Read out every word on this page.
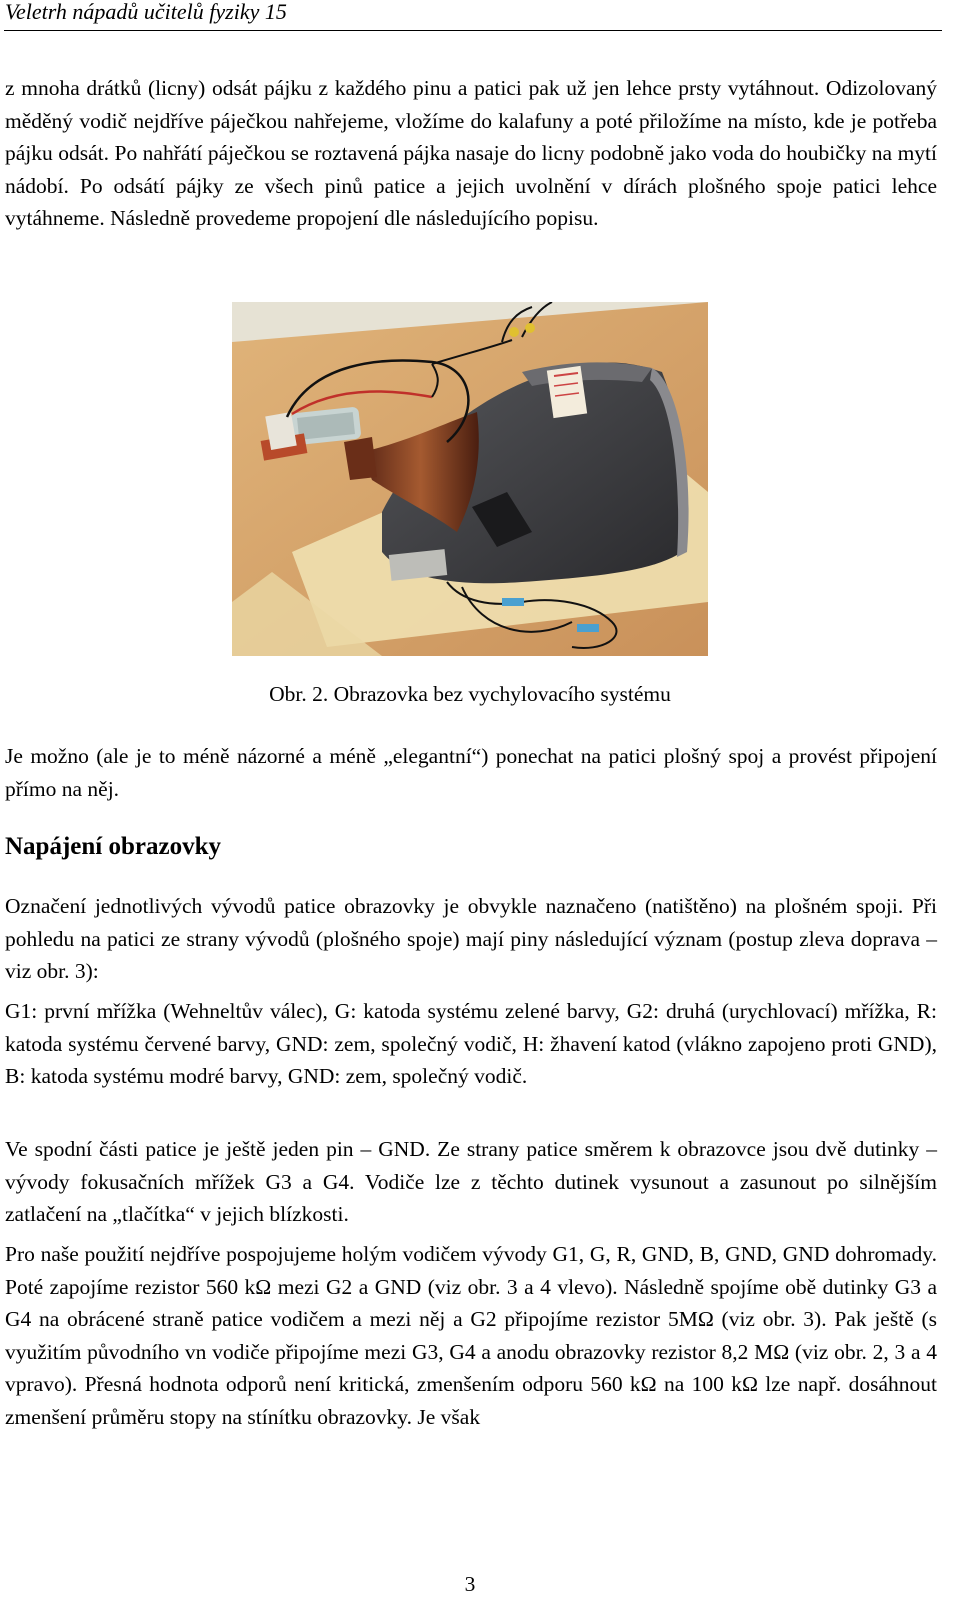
Veletrh nápadů učitelů fyziky 15

z mnoha drátků (licny) odsát pájku z každého pinu a patici pak už jen lehce prsty vytáhnout. Odizolovaný měděný vodič nejdříve páječkou nahřejeme, vložíme do kalafuny a poté přiložíme na místo, kde je potřeba pájku odsát. Po nahřátí páječkou se roztavená pájka nasaje do licny podobně jako voda do houbičky na mytí nádobí. Po odsátí pájky ze všech pinů patice a jejich uvolnění v dírách plošného spoje patici lehce vytáhneme. Následně provedeme propojení dle následujícího popisu.

Obr. 2. Obrazovka bez vychylovacího systému

Je možno (ale je to méně názorné a méně „elegantní“) ponechat na patici plošný spoj a provést připojení přímo na něj.

Napájení obrazovky

Označení jednotlivých vývodů patice obrazovky je obvykle naznačeno (natištěno) na plošném spoji. Při pohledu na patici ze strany vývodů (plošného spoje) mají piny následující význam (postup zleva doprava – viz obr. 3):

G1: první mřížka (Wehneltův válec), G: katoda systému zelené barvy, G2: druhá (urychlovací) mřížka, R: katoda systému červené barvy, GND: zem, společný vodič, H: žhavení katod (vlákno zapojeno proti GND), B: katoda systému modré barvy, GND: zem, společný vodič.

Ve spodní části patice je ještě jeden pin – GND. Ze strany patice směrem k obrazovce jsou dvě dutinky – vývody fokusačních mřížek G3 a G4. Vodiče lze z těchto dutinek vysunout a zasunout po silnějším zatlačení na „tlačítka“ v jejich blízkosti.

Pro naše použití nejdříve pospojujeme holým vodičem vývody G1, G, R, GND, B, GND, GND dohromady. Poté zapojíme rezistor 560 kΩ mezi G2 a GND (viz obr. 3 a 4 vlevo). Následně spojíme obě dutinky G3 a G4 na obrácené straně patice vodičem a mezi něj a G2 připojíme rezistor 5MΩ (viz obr. 3). Pak ještě (s využitím původního vn vodiče připojíme mezi G3, G4 a anodu obrazovky rezistor 8,2 MΩ (viz obr. 2, 3 a 4 vpravo). Přesná hodnota odporů není kritická, zmenšením odporu 560 kΩ na 100 kΩ lze např. dosáhnout zmenšení průměru stopy na stínítku obrazovky. Je však

3
